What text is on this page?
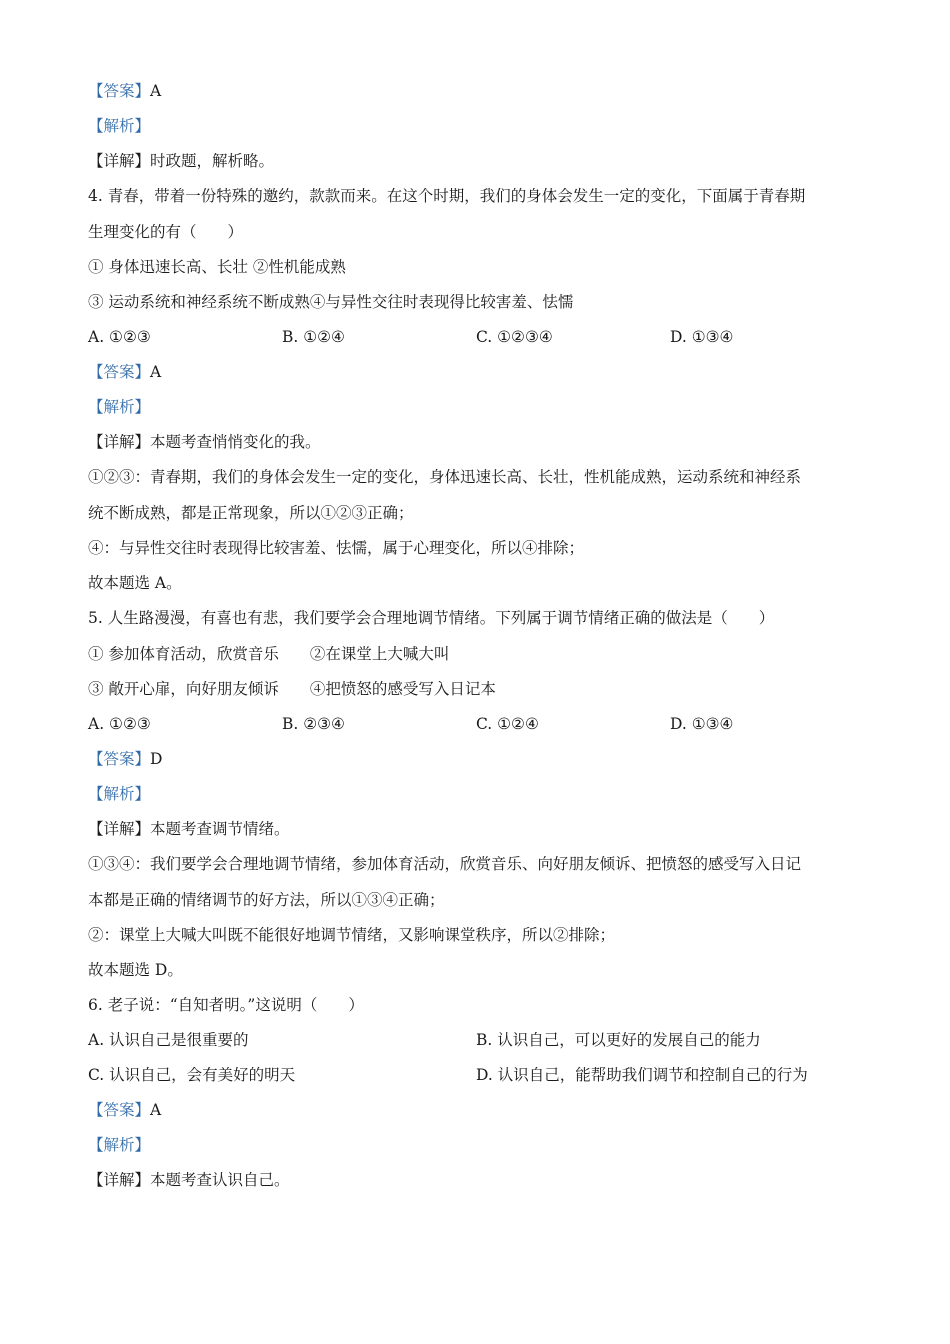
【答案】A
【解析】
【详解】时政题，解析略。
4. 青春，带着一份特殊的邀约，款款而来。在这个时期，我们的身体会发生一定的变化，下面属于青春期
生理变化的有（　　）
① 身体迅速长高、长壮 ②性机能成熟
③ 运动系统和神经系统不断成熟④与异性交往时表现得比较害羞、怯懦
A. ①②③	B. ①②④	C. ①②③④	D. ①③④
【答案】A
【解析】
【详解】本题考查悄悄变化的我。
①②③：青春期，我们的身体会发生一定的变化，身体迅速长高、长壮，性机能成熟，运动系统和神经系
统不断成熟，都是正常现象，所以①②③正确；
④：与异性交往时表现得比较害羞、怯懦，属于心理变化，所以④排除；
故本题选 A。
5. 人生路漫漫，有喜也有悲，我们要学会合理地调节情绪。下列属于调节情绪正确的做法是（　　）
① 参加体育活动，欣赏音乐　　②在课堂上大喊大叫
③ 敞开心扉，向好朋友倾诉　　④把愤怒的感受写入日记本
A. ①②③	B. ②③④	C. ①②④	D. ①③④
【答案】D
【解析】
【详解】本题考查调节情绪。
①③④：我们要学会合理地调节情绪，参加体育活动，欣赏音乐、向好朋友倾诉、把愤怒的感受写入日记
本都是正确的情绪调节的好方法，所以①③④正确；
②：课堂上大喊大叫既不能很好地调节情绪，又影响课堂秩序，所以②排除；
故本题选 D。
6. 老子说：“自知者明。”这说明（　　）
A. 认识自己是很重要的	B. 认识自己，可以更好的发展自己的能力
C. 认识自己，会有美好的明天	D. 认识自己，能帮助我们调节和控制自己的行为
【答案】A
【解析】
【详解】本题考查认识自己。
